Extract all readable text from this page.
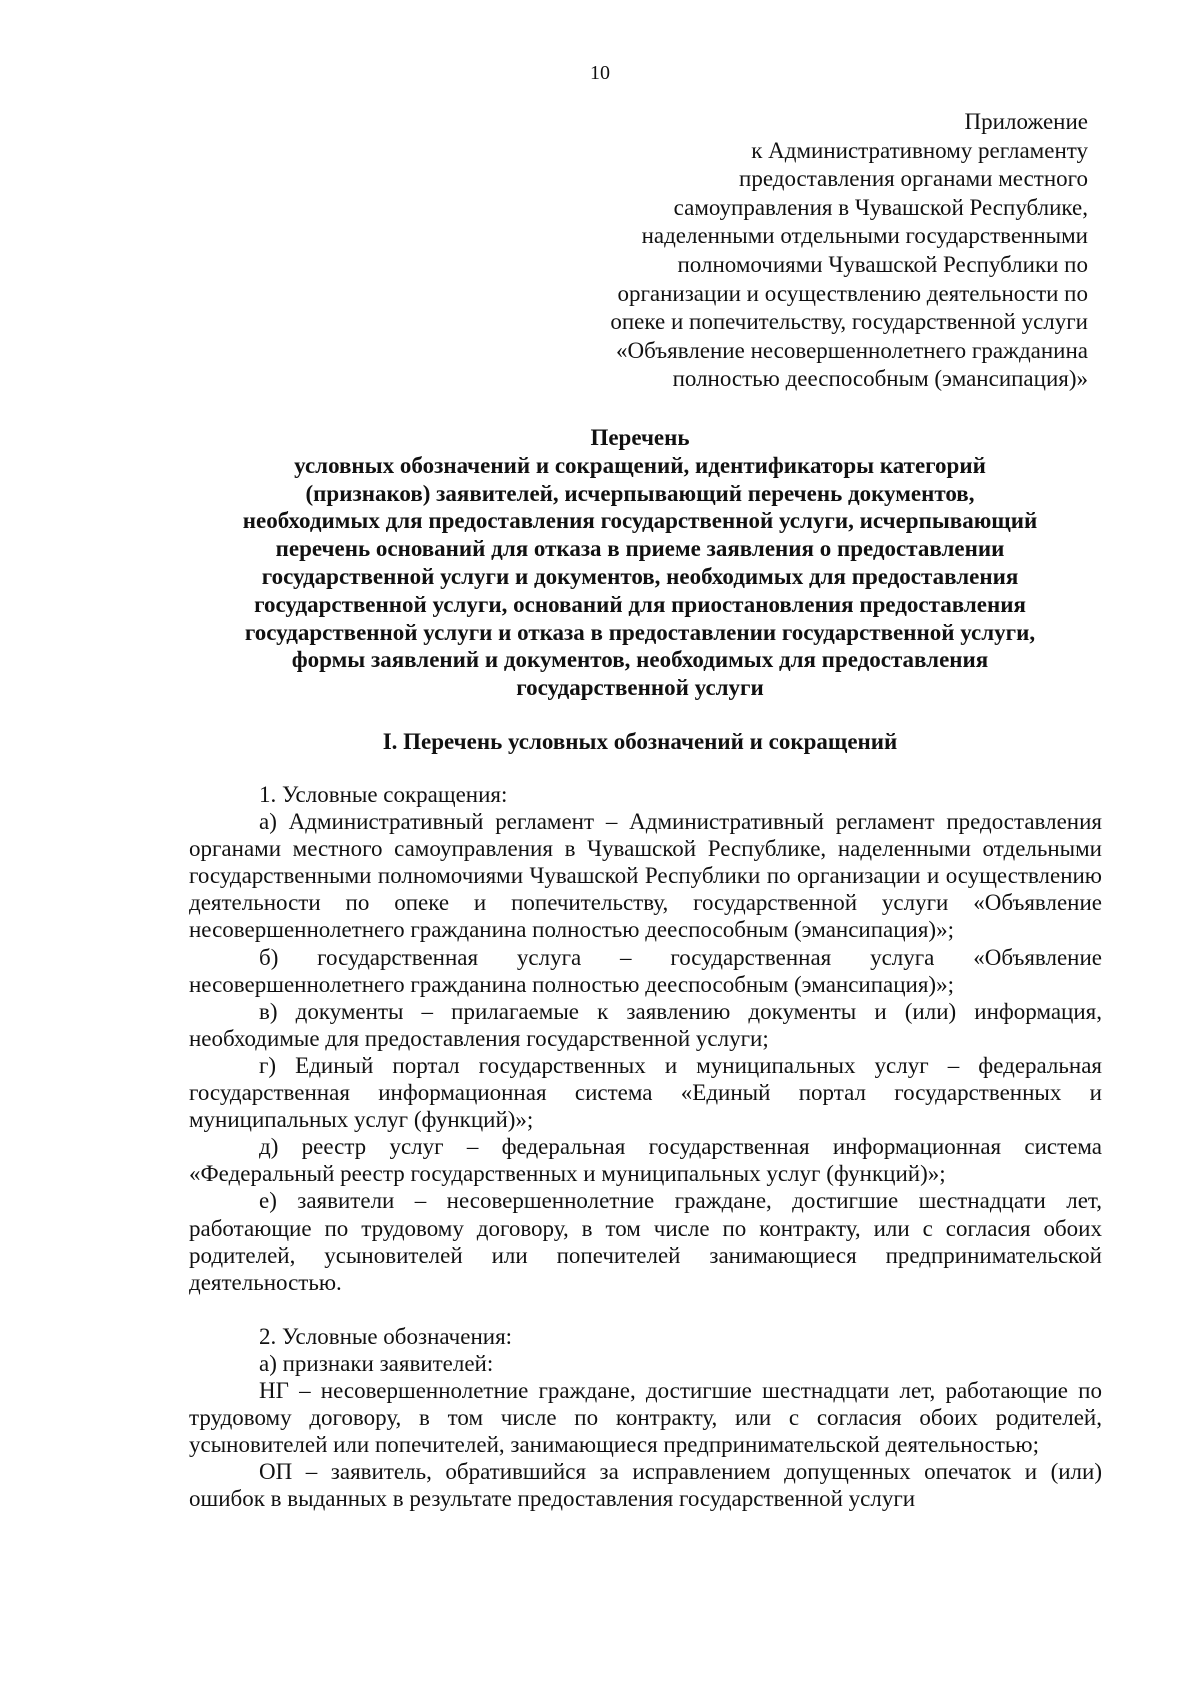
10
Приложение
к Административному регламенту
предоставления органами местного
самоуправления в Чувашской Республике,
наделенными отдельными государственными
полномочиями Чувашской Республики по
организации и осуществлению деятельности по
опеке и попечительству, государственной услуги
«Объявление несовершеннолетнего гражданина
полностью дееспособным (эмансипация)»
Перечень
условных обозначений и сокращений, идентификаторы категорий
(признаков) заявителей, исчерпывающий перечень документов,
необходимых для предоставления государственной услуги, исчерпывающий
перечень оснований для отказа в приеме заявления о предоставлении
государственной услуги и документов, необходимых для предоставления
государственной услуги, оснований для приостановления предоставления
государственной услуги и отказа в предоставлении государственной услуги,
формы заявлений и документов, необходимых для предоставления
государственной услуги
I. Перечень условных обозначений и сокращений

1. Условные сокращения:

а) Административный регламент – Административный регламент предоставления органами местного самоуправления в Чувашской Республике, наделенными отдельными государственными полномочиями Чувашской Республики по организации и осуществлению деятельности по опеке и попечительству, государственной услуги «Объявление несовершеннолетнего гражданина полностью дееспособным (эмансипация)»;

б) государственная услуга – государственная услуга «Объявление несовершеннолетнего гражданина полностью дееспособным (эмансипация)»;

в) документы – прилагаемые к заявлению документы и (или) информация, необходимые для предоставления государственной услуги;

г) Единый портал государственных и муниципальных услуг – федеральная государственная информационная система «Единый портал государственных и муниципальных услуг (функций)»;

д) реестр услуг – федеральная государственная информационная система «Федеральный реестр государственных и муниципальных услуг (функций)»;

е) заявители – несовершеннолетние граждане, достигшие шестнадцати лет, работающие по трудовому договору, в том числе по контракту, или с согласия обоих родителей, усыновителей или попечителей занимающиеся предпринимательской деятельностью.

2. Условные обозначения:

а) признаки заявителей:

НГ – несовершеннолетние граждане, достигшие шестнадцати лет, работающие по трудовому договору, в том числе по контракту, или с согласия обоих родителей, усыновителей или попечителей, занимающиеся предпринимательской деятельностью;

ОП – заявитель, обратившийся за исправлением допущенных опечаток и (или) ошибок в выданных в результате предоставления государственной услуги
